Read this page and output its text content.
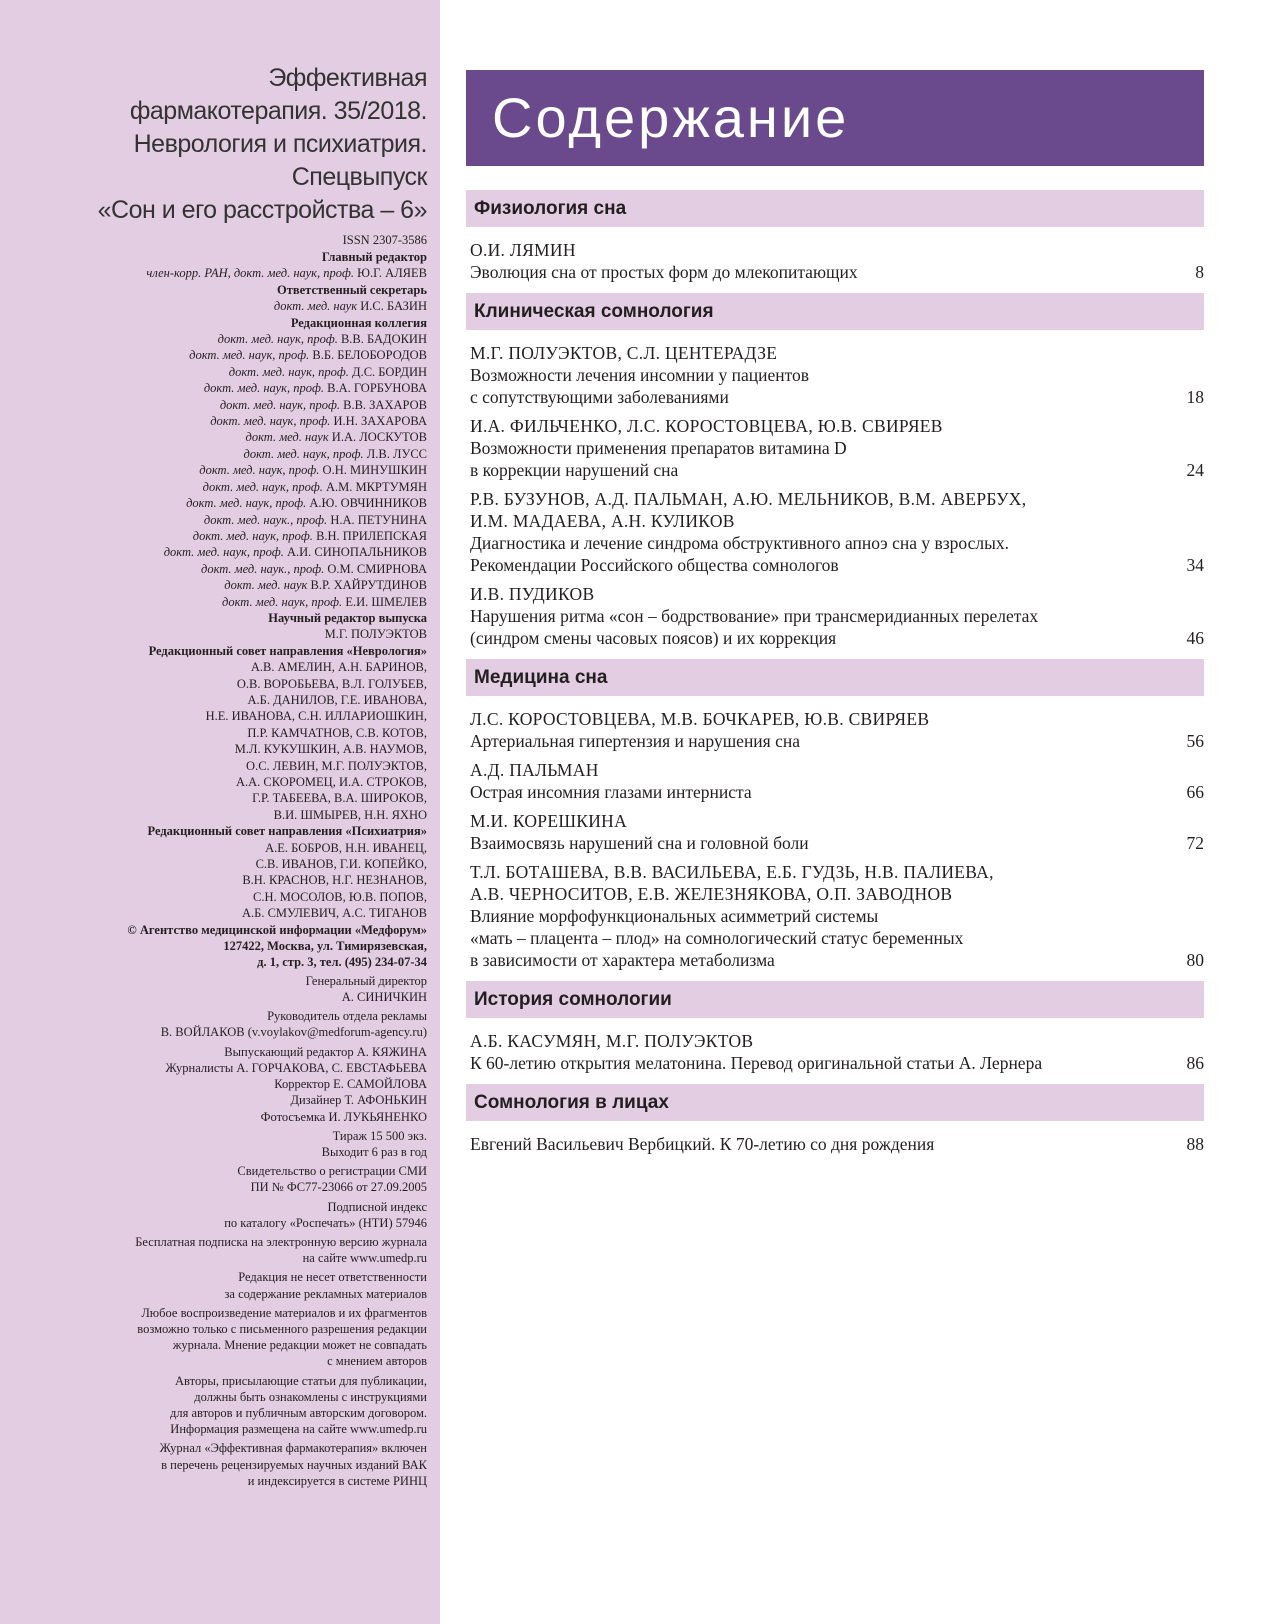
Эффективная
фармакотерапия. 35/2018.
Неврология и психиатрия.
Спецвыпуск
«Сон и его расстройства – 6»
ISSN 2307-3586
Главный редактор
член-корр. РАН, докт. мед. наук, проф. Ю.Г. АЛЯЕВ
Ответственный секретарь
докт. мед. наук И.С. БАЗИН
Редакционная коллегия
докт. мед. наук, проф. В.В. БАДОКИН
докт. мед. наук, проф. В.Б. БЕЛОБОРОДОВ
докт. мед. наук, проф. Д.С. БОРДИН
докт. мед. наук, проф. В.А. ГОРБУНОВА
докт. мед. наук, проф. В.В. ЗАХАРОВ
докт. мед. наук, проф. И.Н. ЗАХАРОВА
докт. мед. наук И.А. ЛОСКУТОВ
докт. мед. наук, проф. Л.В. ЛУСС
докт. мед. наук, проф. О.Н. МИНУШКИН
докт. мед. наук, проф. А.М. МКРТУМЯН
докт. мед. наук, проф. А.Ю. ОВЧИННИКОВ
докт. мед. наук., проф. Н.А. ПЕТУНИНА
докт. мед. наук, проф. В.Н. ПРИЛЕПСКАЯ
докт. мед. наук, проф. А.И. СИНОПАЛЬНИКОВ
докт. мед. наук., проф. О.М. СМИРНОВА
докт. мед. наук В.Р. ХАЙРУТДИНОВ
докт. мед. наук, проф. Е.И. ШМЕЛЕВ
Научный редактор выпуска
М.Г. ПОЛУЭКТОВ
Редакционный совет направления «Неврология»
А.В. АМЕЛИН, А.Н. БАРИНОВ,
О.В. ВОРОБЬЕВА, В.Л. ГОЛУБЕВ,
А.Б. ДАНИЛОВ, Г.Е. ИВАНОВА,
Н.Е. ИВАНОВА, С.Н. ИЛЛАРИОШКИН,
П.Р. КАМЧАТНОВ, С.В. КОТОВ,
М.Л. КУКУШКИН, А.В. НАУМОВ,
О.С. ЛЕВИН, М.Г. ПОЛУЭКТОВ,
А.А. СКОРОМЕЦ, И.А. СТРОКОВ,
Г.Р. ТАБЕЕВА, В.А. ШИРОКОВ,
В.И. ШМЫРЕВ, Н.Н. ЯХНО
Редакционный совет направления «Психиатрия»
А.Е. БОБРОВ, Н.Н. ИВАНЕЦ,
С.В. ИВАНОВ, Г.И. КОПЕЙКО,
В.Н. КРАСНОВ, Н.Г. НЕЗНАНОВ,
С.Н. МОСОЛОВ, Ю.В. ПОПОВ,
А.Б. СМУЛЕВИЧ, А.С. ТИГАНОВ
© Агентство медицинской информации «Медфорум»
127422, Москва, ул. Тимирязевская,
д. 1, стр. 3, тел. (495) 234-07-34
Генеральный директор
А. СИНИЧКИН
Руководитель отдела рекламы
В. ВОЙЛАКОВ (v.voylakov@medforum-agency.ru)
Выпускающий редактор А. КЯЖИНА
Журналисты А. ГОРЧАКОВА, С. ЕВСТАФЬЕВА
Корректор Е. САМОЙЛОВА
Дизайнер Т. АФОНЬКИН
Фотосъемка И. ЛУКЬЯНЕНКО
Тираж 15 500 экз.
Выходит 6 раз в год
Свидетельство о регистрации СМИ
ПИ № ФС77-23066 от 27.09.2005
Подписной индекс
по каталогу «Роспечать» (НТИ) 57946
Бесплатная подписка на электронную версию журнала
на сайте www.umedp.ru
Редакция не несет ответственности
за содержание рекламных материалов
Любое воспроизведение материалов и их фрагментов
возможно только с письменного разрешения редакции
журнала. Мнение редакции может не совпадать
с мнением авторов
Авторы, присылающие статьи для публикации,
должны быть ознакомлены с инструкциями
для авторов и публичным авторским договором.
Информация размещена на сайте www.umedp.ru
Журнал «Эффективная фармакотерапия» включен
в перечень рецензируемых научных изданий ВАК
и индексируется в системе РИНЦ
Содержание
Физиология сна
О.И. ЛЯМИН
Эволюция сна от простых форм до млекопитающих	8
Клиническая сомнология
М.Г. ПОЛУЭКТОВ, С.Л. ЦЕНТЕРАДЗЕ
Возможности лечения инсомнии у пациентов
с сопутствующими заболеваниями	18
И.А. ФИЛЬЧЕНКО, Л.С. КОРОСТОВЦЕВА, Ю.В. СВИРЯЕВ
Возможности применения препаратов витамина D
в коррекции нарушений сна	24
Р.В. БУЗУНОВ, А.Д. ПАЛЬМАН, А.Ю. МЕЛЬНИКОВ, В.М. АВЕРБУХ,
И.М. МАДАЕВА, А.Н. КУЛИКОВ
Диагностика и лечение синдрома обструктивного апноэ сна у взрослых.
Рекомендации Российского общества сомнологов	34
И.В. ПУДИКОВ
Нарушения ритма «сон – бодрствование» при трансмеридианных перелетах
(синдром смены часовых поясов) и их коррекция	46
Медицина сна
Л.С. КОРОСТОВЦЕВА, М.В. БОЧКАРЕВ, Ю.В. СВИРЯЕВ
Артериальная гипертензия и нарушения сна	56
А.Д. ПАЛЬМАН
Острая инсомния глазами интерниста	66
М.И. КОРЕШКИНА
Взаимосвязь нарушений сна и головной боли	72
Т.Л. БОТАШЕВА, В.В. ВАСИЛЬЕВА, Е.Б. ГУДЗЬ, Н.В. ПАЛИЕВА,
А.В. ЧЕРНОСИТОВ, Е.В. ЖЕЛЕЗНЯКОВА, О.П. ЗАВОДНОВ
Влияние морфофункциональных асимметрий системы
«мать – плацента – плод» на сомнологический статус беременных
в зависимости от характера метаболизма	80
История сомнологии
А.Б. КАСУМЯН, М.Г. ПОЛУЭКТОВ
К 60-летию открытия мелатонина. Перевод оригинальной статьи А. Лернера	86
Сомнология в лицах
Евгений Васильевич Вербицкий. К 70-летию со дня рождения	88
